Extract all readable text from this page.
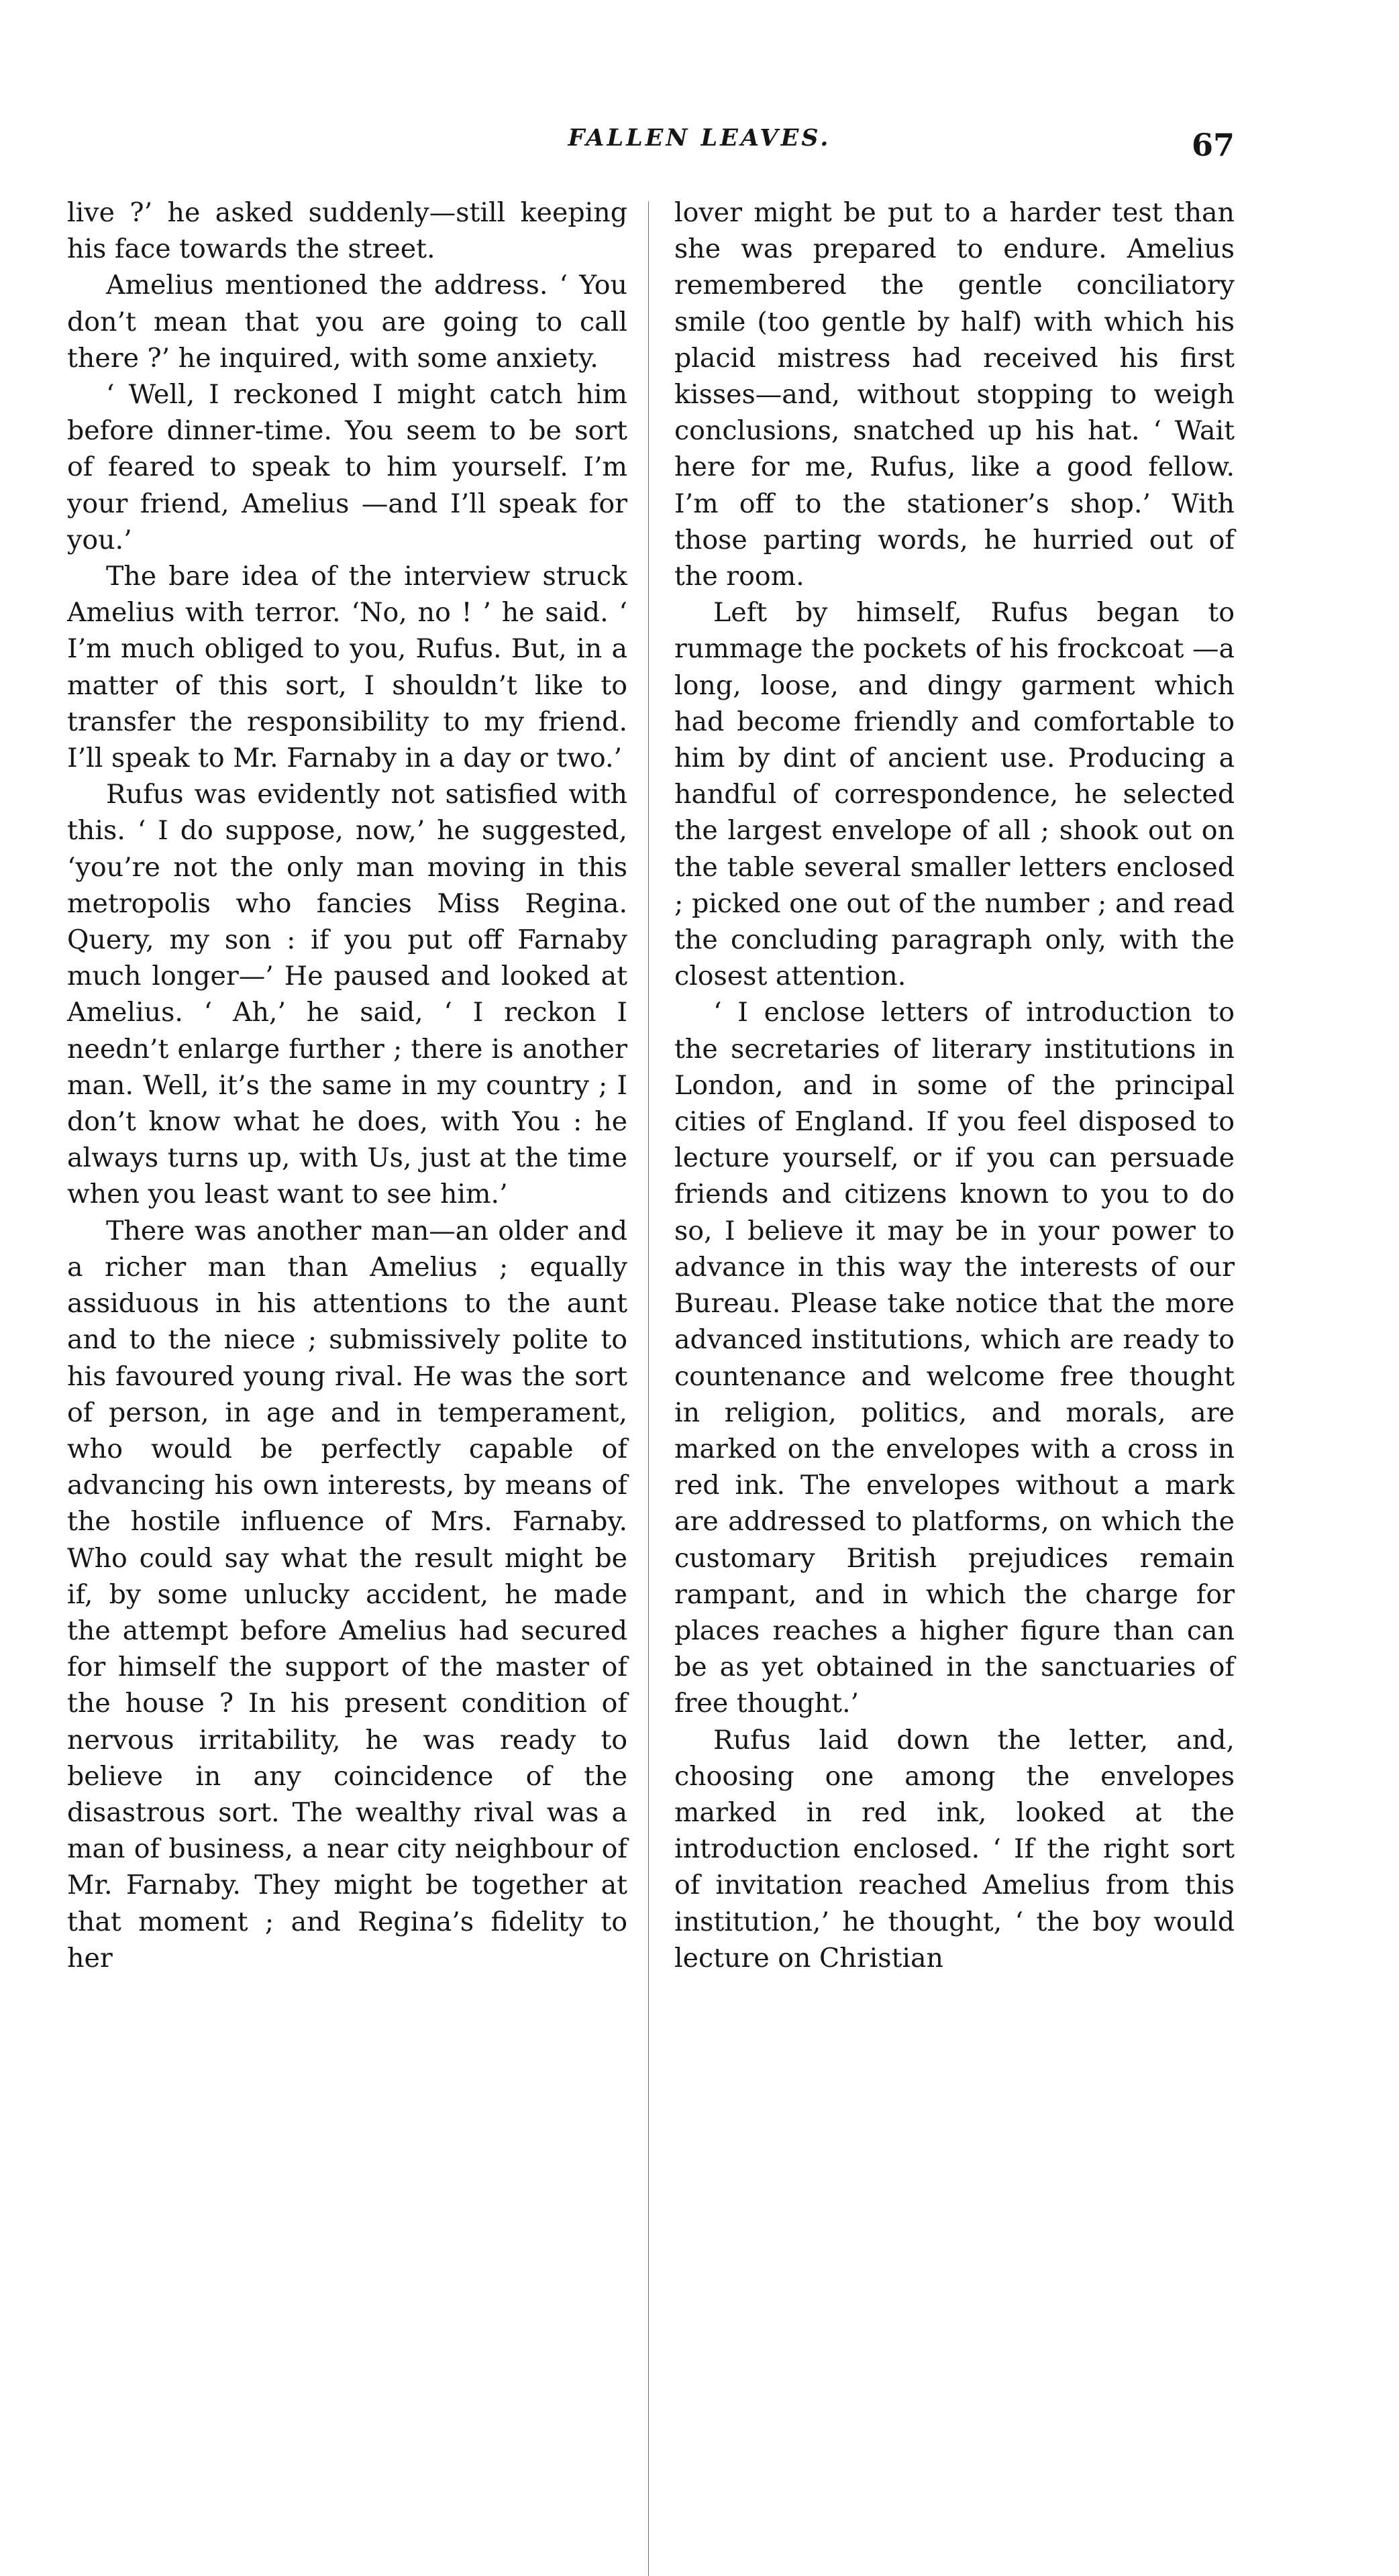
FALLEN LEAVES.	67

live ?’ he asked suddenly—still keeping his face towards the street.

Amelius mentioned the address. ‘ You don’t mean that you are going to call there ?’ he inquired, with some anxiety.

‘ Well, I reckoned I might catch him before dinner-time. You seem to be sort of feared to speak to him yourself. I’m your friend, Amelius —and I’ll speak for you.’

The bare idea of the interview struck Amelius with terror. ‘No, no ! ’ he said. ‘ I’m much obliged to you, Rufus. But, in a matter of this sort, I shouldn’t like to transfer the responsibility to my friend. I’ll speak to Mr. Farnaby in a day or two.’

Rufus was evidently not satisfied with this. ‘ I do suppose, now,’ he suggested, ‘you’re not the only man moving in this metropolis who fancies Miss Regina. Query, my son : if you put off Farnaby much longer—’ He paused and looked at Amelius. ‘ Ah,’ he said, ‘ I reckon I needn’t enlarge further ; there is another man. Well, it’s the same in my country ; I don’t know what he does, with You : he always turns up, with Us, just at the time when you least want to see him.’

There was another man—an older and a richer man than Amelius ; equally assiduous in his attentions to the aunt and to the niece ; submissively polite to his favoured young rival. He was the sort of person, in age and in temperament, who would be perfectly capable of advancing his own interests, by means of the hostile influence of Mrs. Farnaby. Who could say what the result might be if, by some unlucky accident, he made the attempt before Amelius had secured for himself the support of the master of the house ? In his present condition of nervous irritability, he was ready to believe in any coincidence of the disastrous sort. The wealthy rival was a man of business, a near city neighbour of Mr. Farnaby. They might be together at that moment ; and Regina’s fidelity to her

lover might be put to a harder test than she was prepared to endure. Amelius remembered the gentle conciliatory smile (too gentle by half) with which his placid mistress had received his first kisses—and, without stopping to weigh conclusions, snatched up his hat. ‘ Wait here for me, Rufus, like a good fellow. I’m off to the stationer’s shop.’ With those parting words, he hurried out of the room.

Left by himself, Rufus began to rummage the pockets of his frockcoat —a long, loose, and dingy garment which had become friendly and comfortable to him by dint of ancient use. Producing a handful of correspondence, he selected the largest envelope of all ; shook out on the table several smaller letters enclosed ; picked one out of the number ; and read the concluding paragraph only, with the closest attention.

‘ I enclose letters of introduction to the secretaries of literary institutions in London, and in some of the principal cities of England. If you feel disposed to lecture yourself, or if you can persuade friends and citizens known to you to do so, I believe it may be in your power to advance in this way the interests of our Bureau. Please take notice that the more advanced institutions, which are ready to countenance and welcome free thought in religion, politics, and morals, are marked on the envelopes with a cross in red ink. The envelopes without a mark are addressed to platforms, on which the customary British prejudices remain rampant, and in which the charge for places reaches a higher figure than can be as yet obtained in the sanctuaries of free thought.’

Rufus laid down the letter, and, choosing one among the envelopes marked in red ink, looked at the introduction enclosed. ‘ If the right sort of invitation reached Amelius from this institution,’ he thought, ‘ the boy would lecture on Christian
